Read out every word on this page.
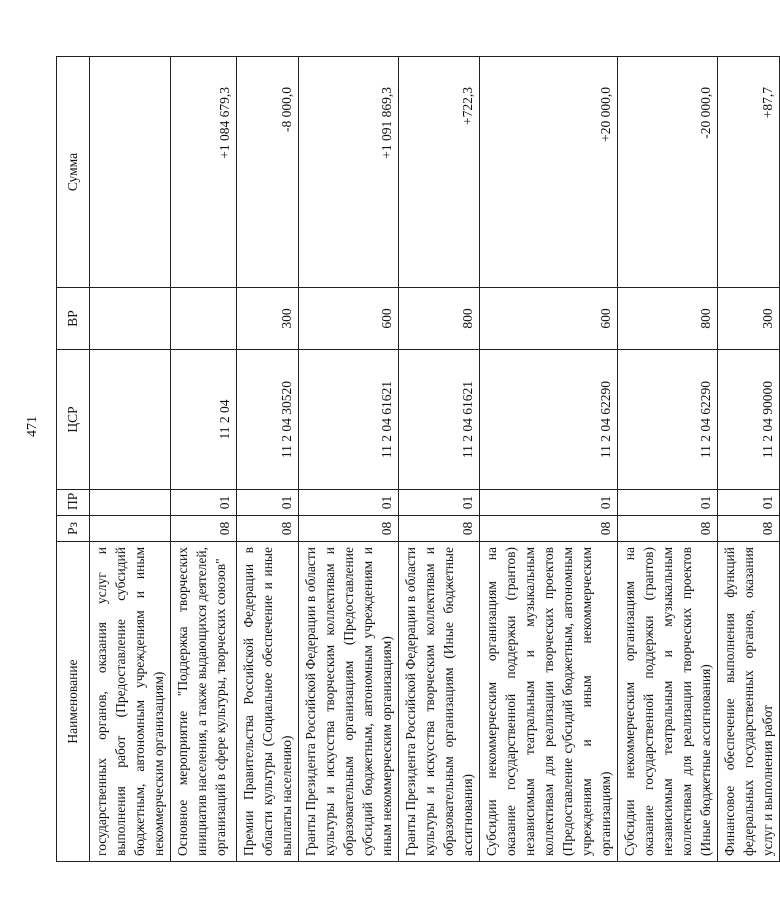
471
Наименование	Рз	ПР	ЦСР	ВР	Сумма
государственных органов, оказания услуг и выполнения работ (Предоставление субсидий бюджетным, автономным учреждениям и иным некоммерческим организациям)					
Основное мероприятие "Поддержка творческих инициатив населения, а также выдающихся деятелей, организаций в сфере культуры, творческих союзов"	08	01	11 2 04		+1 084 679,3
Премии Правительства Российской Федерации в области культуры (Социальное обеспечение и иные выплаты населению)	08	01	11 2 04 30520	300	-8 000,0
Гранты Президента Российской Федерации в области культуры и искусства творческим коллективам и образовательным организациям (Предоставление субсидий бюджетным, автономным учреждениям и иным некоммерческим организациям)	08	01	11 2 04 61621	600	+1 091 869,3
Гранты Президента Российской Федерации в области культуры и искусства творческим коллективам и образовательным организациям (Иные бюджетные ассигнования)	08	01	11 2 04 61621	800	+722,3
Субсидии некоммерческим организациям на оказание государственной поддержки (грантов) независимым театральным и музыкальным коллективам для реализации творческих проектов (Предоставление субсидий бюджетным, автономным учреждениям и иным некоммерческим организациям)	08	01	11 2 04 62290	600	+20 000,0
Субсидии некоммерческим организациям на оказание государственной поддержки (грантов) независимым театральным и музыкальным коллективам для реализации творческих проектов (Иные бюджетные ассигнования)	08	01	11 2 04 62290	800	-20 000,0
Финансовое обеспечение выполнения функций федеральных государственных органов, оказания услуг и выполнения работ	08	01	11 2 04 90000	300	+87,7
